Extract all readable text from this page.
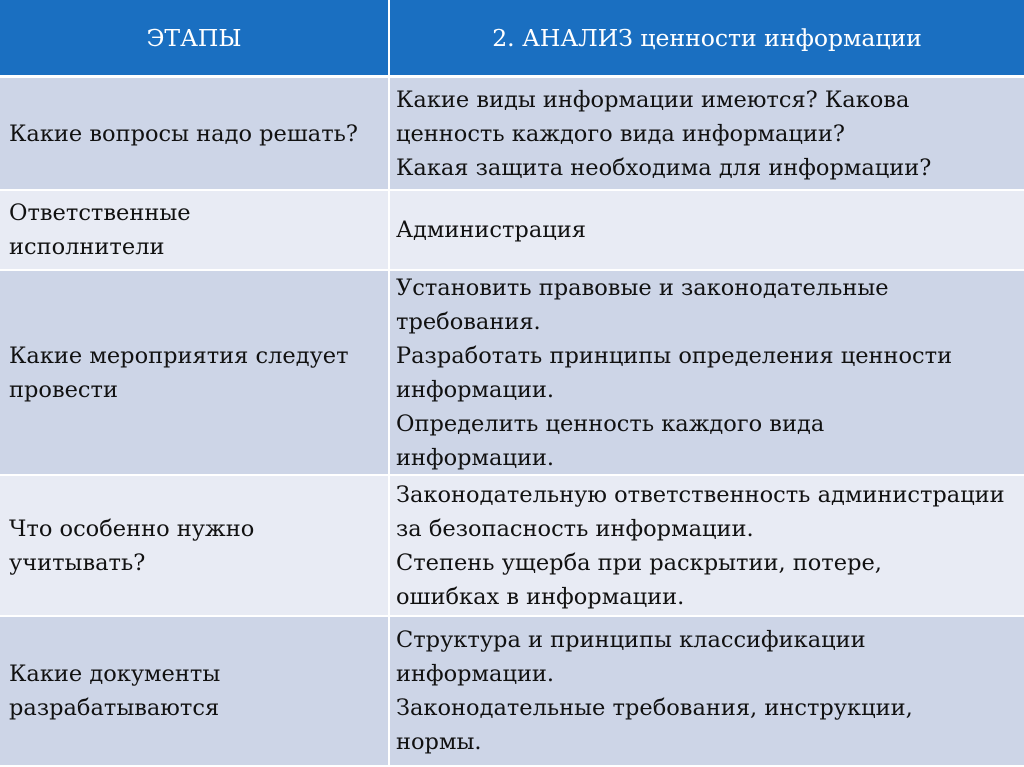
ЭТАПЫ	2. АНАЛИЗ ценности информации
Какие вопросы надо решать?

Какие виды информации имеются? Какова ценность каждого вида информации?

Какая защита необходима для информации?

Ответственные исполнители

Администрация

Какие мероприятия следует провести

Установить правовые и законодательные требования.

Разработать принципы определения ценности информации.

Определить ценность каждого вида информации.

Что особенно нужно учитывать?

Законодательную ответственность администрации за безопасность информации.

Степень ущерба при раскрытии, потере, ошибках в информации.

Какие документы разрабатываются

Структура и принципы классификации информации.

Законодательные требования, инструкции, нормы.
